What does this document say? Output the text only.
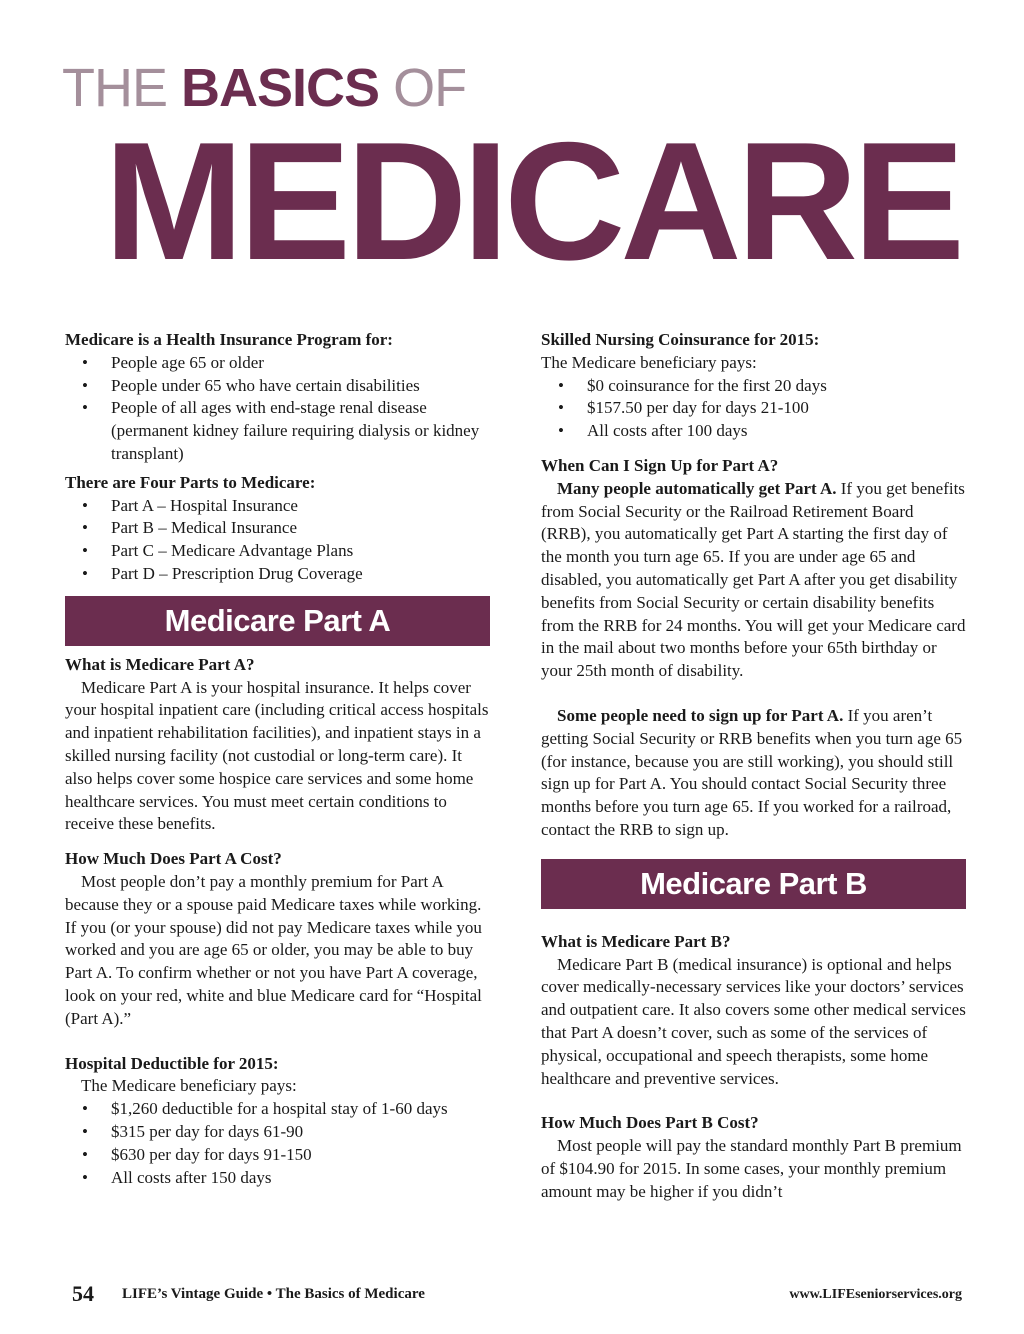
THE BASICS OF
MEDICARE
Medicare is a Health Insurance Program for:
• People age 65 or older
• People under 65 who have certain disabilities
• People of all ages with end-stage renal disease (permanent kidney failure requiring dialysis or kidney transplant)
There are Four Parts to Medicare:
• Part A – Hospital Insurance
• Part B – Medical Insurance
• Part C – Medicare Advantage Plans
• Part D – Prescription Drug Coverage
Medicare Part A
What is Medicare Part A?

Medicare Part A is your hospital insurance. It helps cover your hospital inpatient care (including critical access hospitals and inpatient rehabilitation facilities), and inpatient stays in a skilled nursing facility (not custodial or long-term care). It also helps cover some hospice care services and some home healthcare services. You must meet certain conditions to receive these benefits.

How Much Does Part A Cost?

Most people don’t pay a monthly premium for Part A because they or a spouse paid Medicare taxes while working. If you (or your spouse) did not pay Medicare taxes while you worked and you are age 65 or older, you may be able to buy Part A. To confirm whether or not you have Part A coverage, look on your red, white and blue Medicare card for “Hospital (Part A).”

Hospital Deductible for 2015:
The Medicare beneficiary pays:
• $1,260 deductible for a hospital stay of 1-60 days
• $315 per day for days 61-90
• $630 per day for days 91-150
• All costs after 150 days
Skilled Nursing Coinsurance for 2015:
The Medicare beneficiary pays:
• $0 coinsurance for the first 20 days
• $157.50 per day for days 21-100
• All costs after 100 days
When Can I Sign Up for Part A?

Many people automatically get Part A. If you get benefits from Social Security or the Railroad Retirement Board (RRB), you automatically get Part A starting the first day of the month you turn age 65. If you are under age 65 and disabled, you automatically get Part A after you get disability benefits from Social Security or certain disability benefits from the RRB for 24 months. You will get your Medicare card in the mail about two months before your 65th birthday or your 25th month of disability.

Some people need to sign up for Part A. If you aren’t getting Social Security or RRB benefits when you turn age 65 (for instance, because you are still working), you should still sign up for Part A. You should contact Social Security three months before you turn age 65. If you worked for a railroad, contact the RRB to sign up.

Medicare Part B
What is Medicare Part B?

Medicare Part B (medical insurance) is optional and helps cover medically-necessary services like your doctors’ services and outpatient care. It also covers some other medical services that Part A doesn’t cover, such as some of the services of physical, occupational and speech therapists, some home healthcare and preventive services.

How Much Does Part B Cost?

Most people will pay the standard monthly Part B premium of $104.90 for 2015. In some cases, your monthly premium amount may be higher if you didn’t

54 LIFE’s Vintage Guide • The Basics of Medicare	www.LIFEseniorservices.org
